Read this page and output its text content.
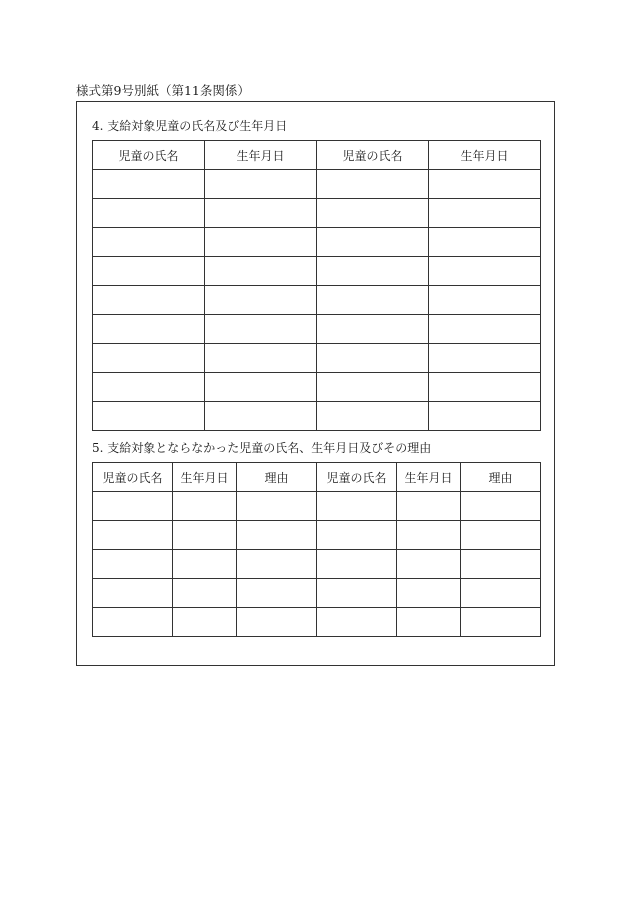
様式第9号別紙（第11条関係）
4. 支給対象児童の氏名及び生年月日
児童の氏名	生年月日	児童の氏名	生年月日

5. 支給対象とならなかった児童の氏名、生年月日及びその理由
児童の氏名	生年月日	理由	児童の氏名	生年月日	理由
